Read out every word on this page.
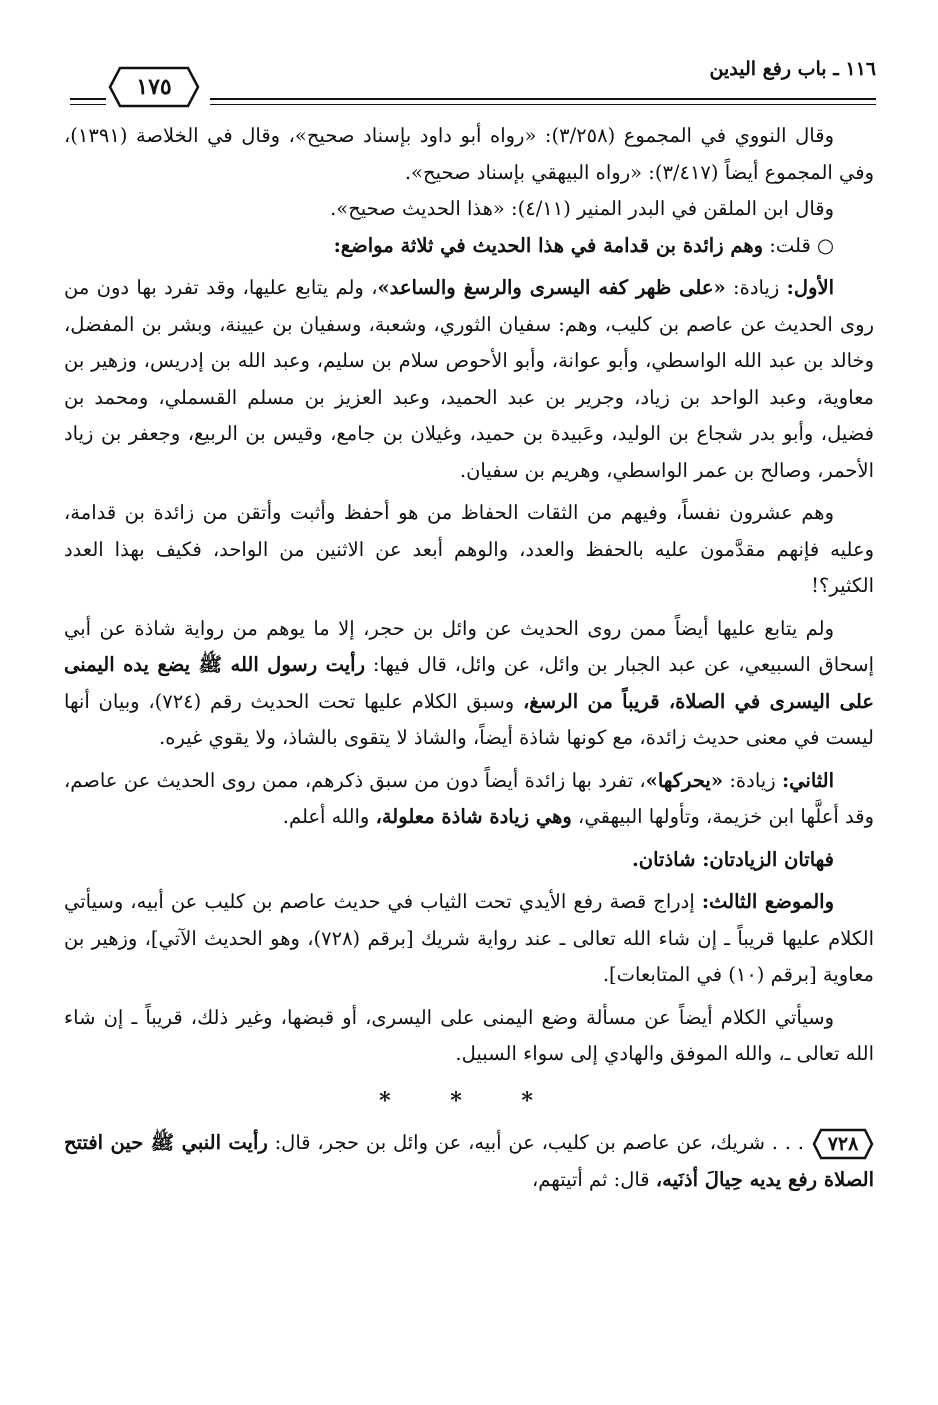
١١٦ ـ باب رفع اليدين
١٧٥

وقال النووي في المجموع (٣/٢٥٨): «رواه أبو داود بإسناد صحيح»، وقال في الخلاصة (١٣٩١)، وفي المجموع أيضاً (٣/٤١٧): «رواه البيهقي بإسناد صحيح».

وقال ابن الملقن في البدر المنير (٤/١١): «هذا الحديث صحيح».

○ قلت: وهم زائدة بن قدامة في هذا الحديث في ثلاثة مواضع:

الأول: زيادة: «على ظهر كفه اليسرى والرسغ والساعد»، ولم يتابع عليها، وقد تفرد بها دون من روى الحديث عن عاصم بن كليب، وهم: سفيان الثوري، وشعبة، وسفيان بن عيينة، وبشر بن المفضل، وخالد بن عبد الله الواسطي، وأبو عوانة، وأبو الأحوص سلام بن سليم، وعبد الله بن إدريس، وزهير بن معاوية، وعبد الواحد بن زياد، وجرير بن عبد الحميد، وعبد العزيز بن مسلم القسملي، ومحمد بن فضيل، وأبو بدر شجاع بن الوليد، وعَبيدة بن حميد، وغيلان بن جامع، وقيس بن الربيع، وجعفر بن زياد الأحمر، وصالح بن عمر الواسطي، وهريم بن سفيان.

وهم عشرون نفساً، وفيهم من الثقات الحفاظ من هو أحفظ وأثبت وأتقن من زائدة بن قدامة، وعليه فإنهم مقدَّمون عليه بالحفظ والعدد، والوهم أبعد عن الاثنين من الواحد، فكيف بهذا العدد الكثير؟!

ولم يتابع عليها أيضاً ممن روى الحديث عن وائل بن حجر، إلا ما يوهم من رواية شاذة عن أبي إسحاق السبيعي، عن عبد الجبار بن وائل، عن وائل، قال فيها: رأيت رسول الله ﷺ يضع يده اليمنى على اليسرى في الصلاة، قريباً من الرسغ، وسبق الكلام عليها تحت الحديث رقم (٧٢٤)، وبيان أنها ليست في معنى حديث زائدة، مع كونها شاذة أيضاً، والشاذ لا يتقوى بالشاذ، ولا يقوي غيره.

الثاني: زيادة: «يحركها»، تفرد بها زائدة أيضاً دون من سبق ذكرهم، ممن روى الحديث عن عاصم، وقد أعلَّها ابن خزيمة، وتأولها البيهقي، وهي زيادة شاذة معلولة، والله أعلم.

فهاتان الزيادتان: شاذتان.

والموضع الثالث: إدراج قصة رفع الأيدي تحت الثياب في حديث عاصم بن كليب عن أبيه، وسيأتي الكلام عليها قريباً ـ إن شاء الله تعالى ـ عند رواية شريك [برقم (٧٢٨)، وهو الحديث الآتي]، وزهير بن معاوية [برقم (١٠) في المتابعات].

وسيأتي الكلام أيضاً عن مسألة وضع اليمنى على اليسرى، أو قبضها، وغير ذلك، قريباً ـ إن شاء الله تعالى ـ، والله الموفق والهادي إلى سواء السبيل.

* * *

٧٢٨
. . . شريك، عن عاصم بن كليب، عن أبيه، عن وائل بن حجر، قال: رأيت النبي ﷺ حين افتتح الصلاة رفع يديه حِيالَ أذنَيه، قال: ثم أتيتهم،
